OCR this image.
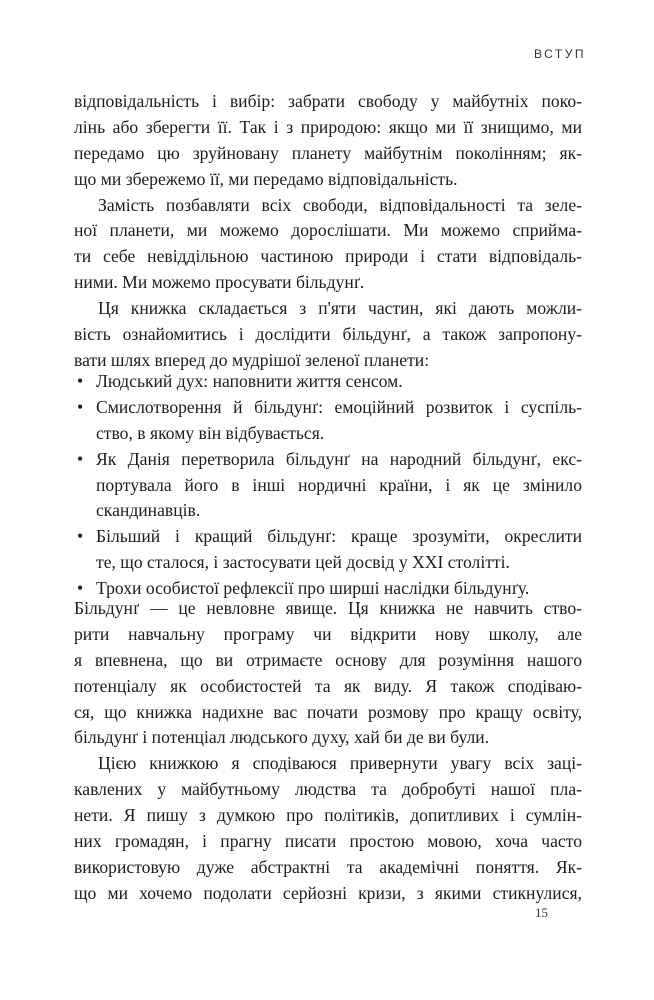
ВСТУП
відповідальність і вибір: забрати свободу у майбутніх поко-
лінь або зберегти її. Так і з природою: якщо ми її знищимо, ми
передамо цю зруйновану планету майбутнім поколінням; як-
що ми збережемо її, ми передамо відповідальність.
Замість позбавляти всіх свободи, відповідальності та зеле-
ної планети, ми можемо дорослішати. Ми можемо сприйма-
ти себе невіддільною частиною природи і стати відповідаль-
ними. Ми можемо просувати більдунґ.
Ця книжка складається з п'яти частин, які дають можли-
вість ознайомитись і дослідити більдунґ, а також запропону-
вати шлях вперед до мудрішої зеленої планети:
• Людський дух: наповнити життя сенсом.
• Смислотворення й більдунґ: емоційний розвиток і суспіль-
ство, в якому він відбувається.
• Як Данія перетворила більдунґ на народний більдунґ, екс-
портувала його в інші нордичні країни, і як це змінило
скандинавців.
• Більший і кращий більдунґ: краще зрозуміти, окреслити
те, що сталося, і застосувати цей досвід у XXI столітті.
• Трохи особистої рефлексії про ширші наслідки більдунґу.
Більдунґ — це невловне явище. Ця книжка не навчить ство-
рити навчальну програму чи відкрити нову школу, але
я впевнена, що ви отримаєте основу для розуміння нашого
потенціалу як особистостей та як виду. Я також сподіваю-
ся, що книжка надихне вас почати розмову про кращу освіту,
більдунґ і потенціал людського духу, хай би де ви були.
Цією книжкою я сподіваюся привернути увагу всіх заці-
кавлених у майбутньому людства та добробуті нашої пла-
нети. Я пишу з думкою про політиків, допитливих і сумлін-
них громадян, і прагну писати простою мовою, хоча часто
використовую дуже абстрактні та академічні поняття. Як-
що ми хочемо подолати серйозні кризи, з якими стикнулися,
15
